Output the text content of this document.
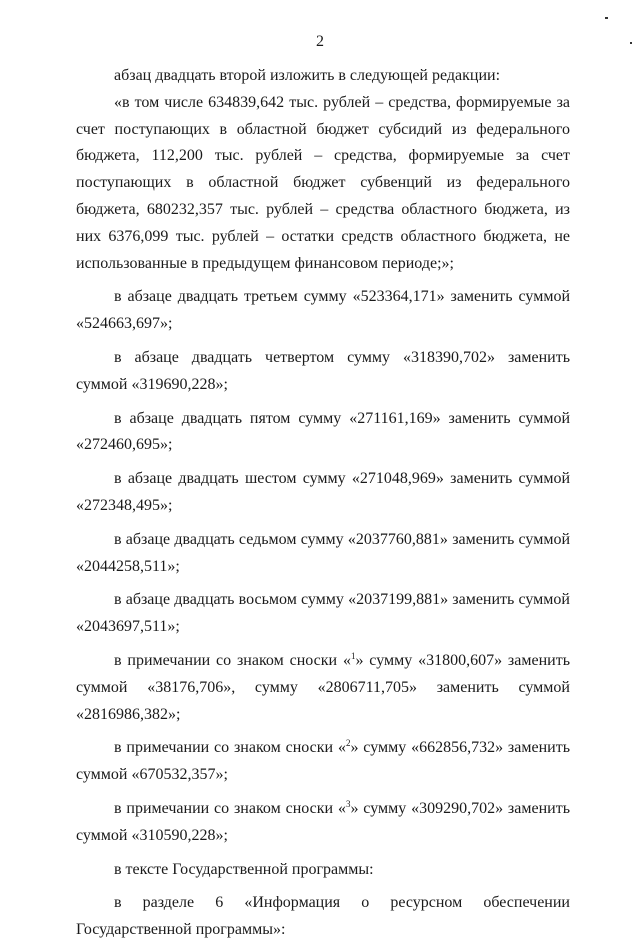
2

абзац двадцать второй изложить в следующей редакции:

«в том числе 634839,642 тыс. рублей – средства, формируемые за счет поступающих в областной бюджет субсидий из федерального бюджета, 112,200 тыс. рублей – средства, формируемые за счет поступающих в областной бюджет субвенций из федерального бюджета, 680232,357 тыс. рублей – средства областного бюджета, из них 6376,099 тыс. рублей – остатки средств областного бюджета, не использованные в предыдущем финансовом периоде;»;

в абзаце двадцать третьем сумму «523364,171» заменить суммой «524663,697»;

в абзаце двадцать четвертом сумму «318390,702» заменить суммой «319690,228»;

в абзаце двадцать пятом сумму «271161,169» заменить суммой «272460,695»;

в абзаце двадцать шестом сумму «271048,969» заменить суммой «272348,495»;

в абзаце двадцать седьмом сумму «2037760,881» заменить суммой «2044258,511»;

в абзаце двадцать восьмом сумму «2037199,881» заменить суммой «2043697,511»;

в примечании со знаком сноски «$^1$» сумму «31800,607» заменить суммой «38176,706», сумму «2806711,705» заменить суммой «2816986,382»;

в примечании со знаком сноски «$^2$» сумму «662856,732» заменить суммой «670532,357»;

в примечании со знаком сноски «$^3$» сумму «309290,702» заменить суммой «310590,228»;

в тексте Государственной программы:

в разделе 6 «Информация о ресурсном обеспечении Государственной программы»:
